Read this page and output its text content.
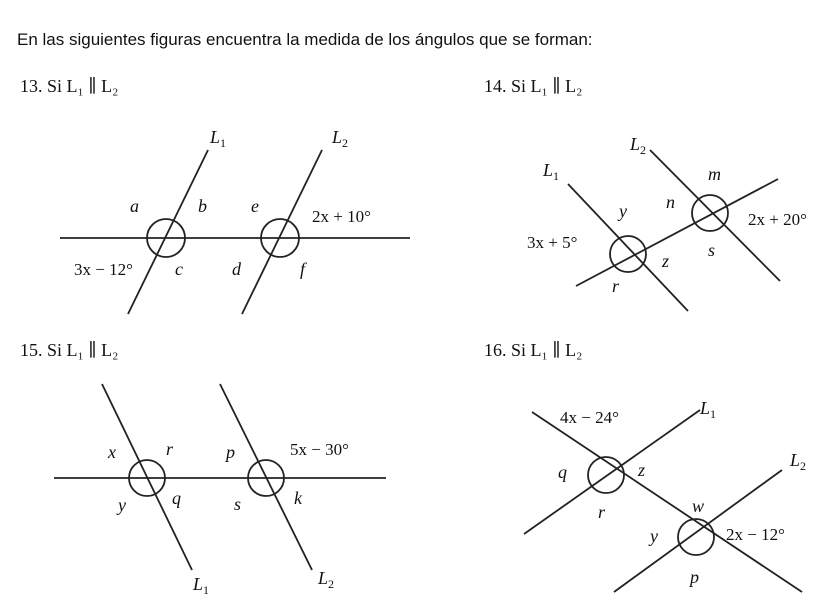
En las siguientes figuras encuentra la medida de los ángulos que se forman:
13. Si L₁ ∥ L₂	14. Si L₁ ∥ L₂
15. Si L₁ ∥ L₂	16. Si L₁ ∥ L₂
$L_1$	$L_2$
a	b e
2x + 10°
3x − 12° c	d	f
$L_1$
$L_2$
m
n
y	2x + 20°
3x + 5°	s
z
r
$L_1$
$L_2$
x	r	p	5x − 30°
y	q	s	k
$L_1$
$L_2$
4x − 24°
q	z
r	w
y	2x − 12°
p
